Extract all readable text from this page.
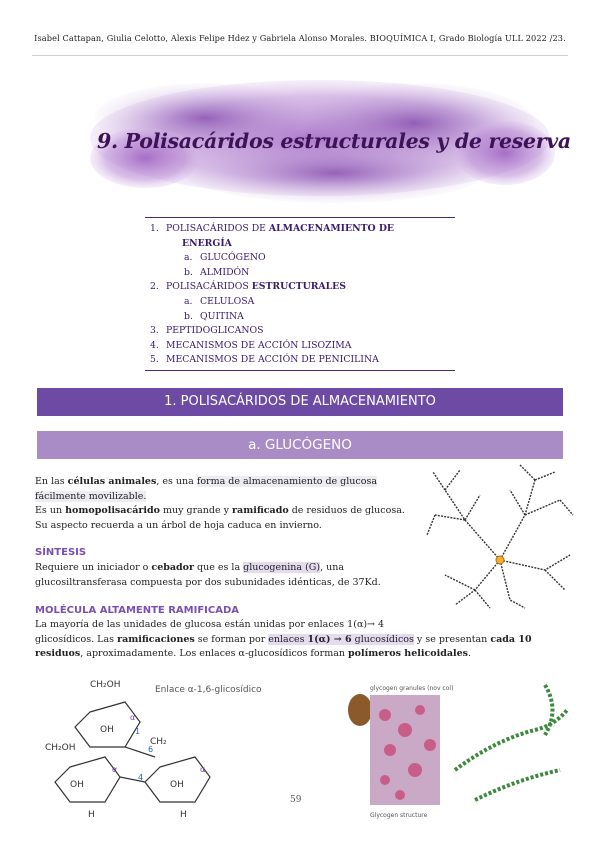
Isabel Cattapan, Giulia Celotto, Alexis Felipe Hdez y Gabriela Alonso Morales. BIOQUÍMICA I, Grado Biología ULL 2022 /23.
9. Polisacáridos estructurales y de reserva
1. POLISACÁRIDOS DE ALMACENAMIENTO DE
ENERGÍA
a. GLUCÓGENO
b. ALMIDÓN
2. POLISACÁRIDOS ESTRUCTURALES
a. CELULOSA
b. QUITINA
3. PEPTIDOGLICANOS
4. MECANISMOS DE ACCIÓN LISOZIMA
5. MECANISMOS DE ACCIÓN DE PENICILINA
1. POLISACÁRIDOS DE ALMACENAMIENTO
a. GLUCÓGENO
En las células animales, es una forma de almacenamiento de glucosa
fácilmente movilizable.
Es un homopolisacárido muy grande y ramificado de residuos de glucosa.
Su aspecto recuerda a un árbol de hoja caduca en invierno.
SÍNTESIS
Requiere un iniciador o cebador que es la glucogenina (G), una
glucosiltransferasa compuesta por dos subunidades idénticas, de 37Kd.
MOLÉCULA ALTAMENTE RAMIFICADA
La mayoría de las unidades de glucosa están unidas por enlaces 1(α)→ 4
glicosídicos. Las ramificaciones se forman por enlaces 1(α) → 6 glucosídicos y se presentan cada 10
residuos, aproximadamente. Los enlaces α-glucosídicos forman polímeros helicoidales.
CH₂OH
CH₂OH
CH₂
Enlace α-1,6-glicosídico
OH
OH	OH
α
α	α
6
4
1
H	H
glycogen granules (nov col)
Glycogen structure
59
